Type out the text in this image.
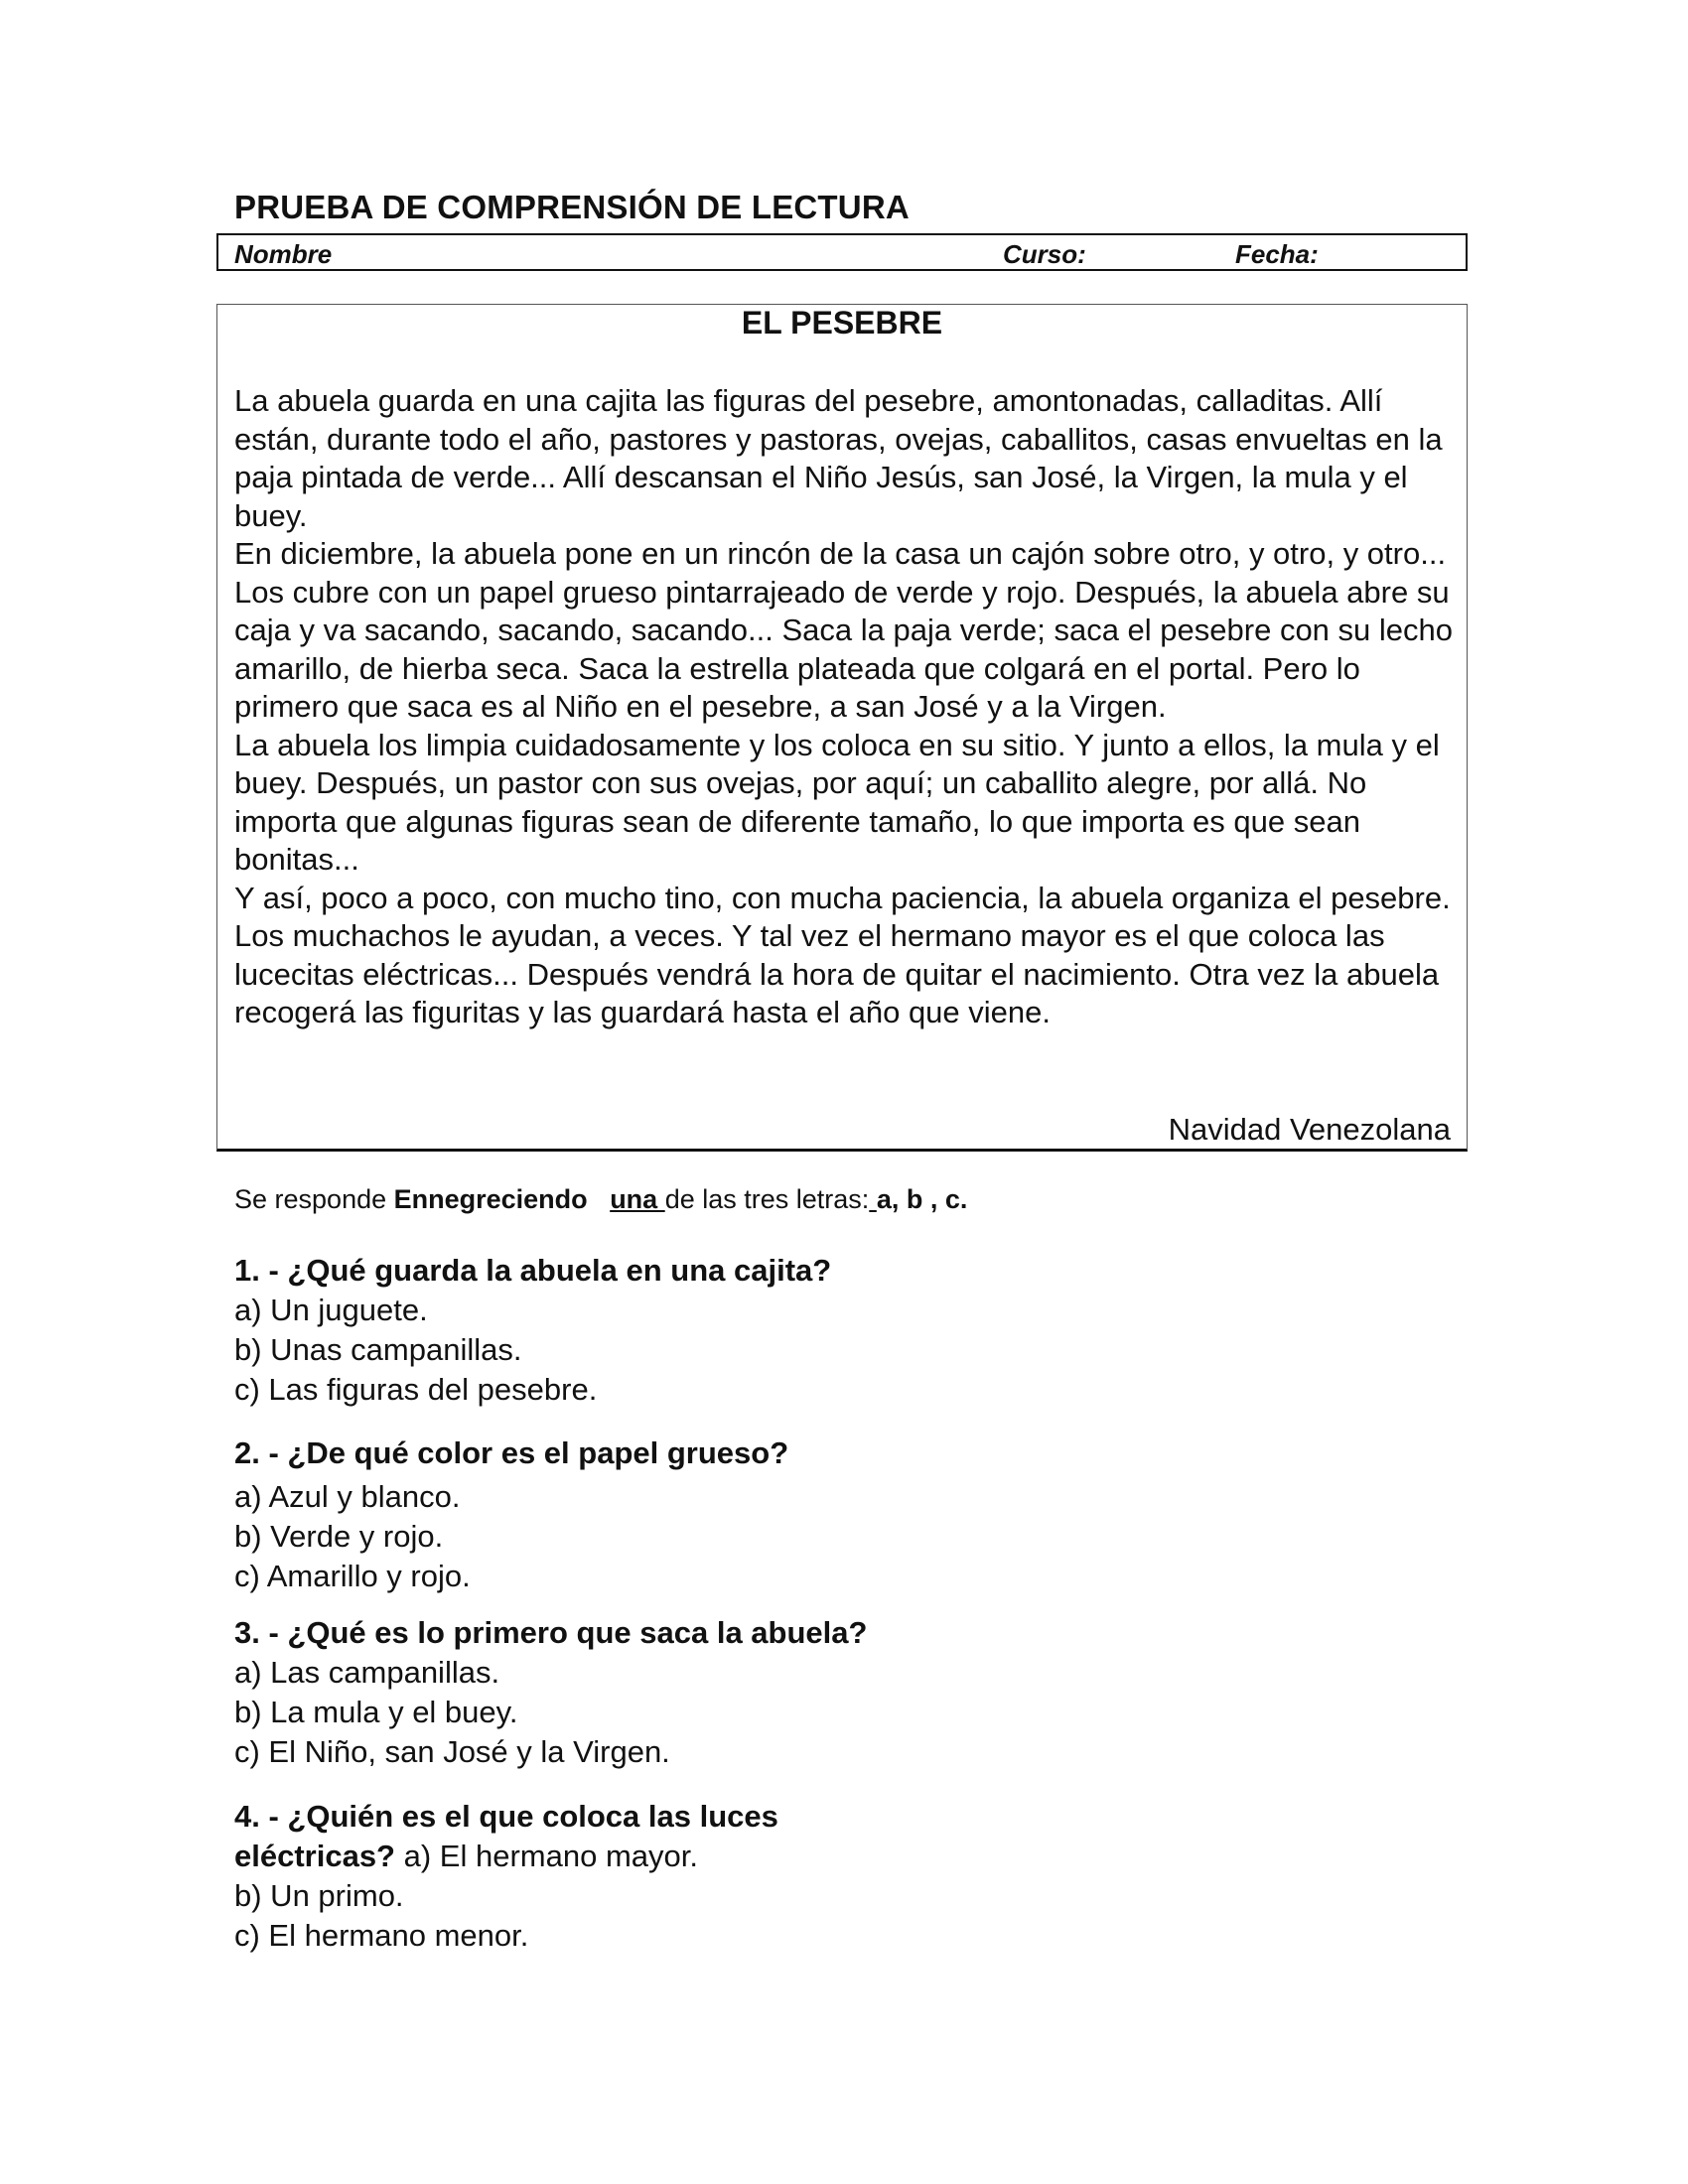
PRUEBA DE COMPRENSIÓN DE LECTURA
Nombre	Curso:	Fecha:
EL PESEBRE

La abuela guarda en una cajita las figuras del pesebre, amontonadas, calladitas. Allí están, durante todo el año, pastores y pastoras, ovejas, caballitos, casas envueltas en la paja pintada de verde... Allí descansan el Niño Jesús, san José, la Virgen, la mula y el buey.

En diciembre, la abuela pone en un rincón de la casa un cajón sobre otro, y otro, y otro... Los cubre con un papel grueso pintarrajeado de verde y rojo. Después, la abuela abre su caja y va sacando, sacando, sacando... Saca la paja verde; saca el pesebre con su lecho amarillo, de hierba seca. Saca la estrella plateada que colgará en el portal. Pero lo primero que saca es al Niño en el pesebre, a san José y a la Virgen.

La abuela los limpia cuidadosamente y los coloca en su sitio. Y junto a ellos, la mula y el buey. Después, un pastor con sus ovejas, por aquí; un caballito alegre, por allá. No importa que algunas figuras sean de diferente tamaño, lo que importa es que sean bonitas...

Y así, poco a poco, con mucho tino, con mucha paciencia, la abuela organiza el pesebre. Los muchachos le ayudan, a veces. Y tal vez el hermano mayor es el que coloca las lucecitas eléctricas... Después vendrá la hora de quitar el nacimiento. Otra vez la abuela recogerá las figuritas y las guardará hasta el año que viene.

Navidad Venezolana
Se responde Ennegreciendo una de las tres letras: a, b , c.
1. - ¿Qué guarda la abuela en una cajita?
a) Un juguete.
b) Unas campanillas.
c) Las figuras del pesebre.
2. - ¿De qué color es el papel grueso?
a) Azul y blanco.
b) Verde y rojo.
c) Amarillo y rojo.
3. - ¿Qué es lo primero que saca la abuela?
a) Las campanillas.
b) La mula y el buey.
c) El Niño, san José y la Virgen.
4. - ¿Quién es el que coloca las luces
eléctricas? a) El hermano mayor.
b) Un primo.
c) El hermano menor.
